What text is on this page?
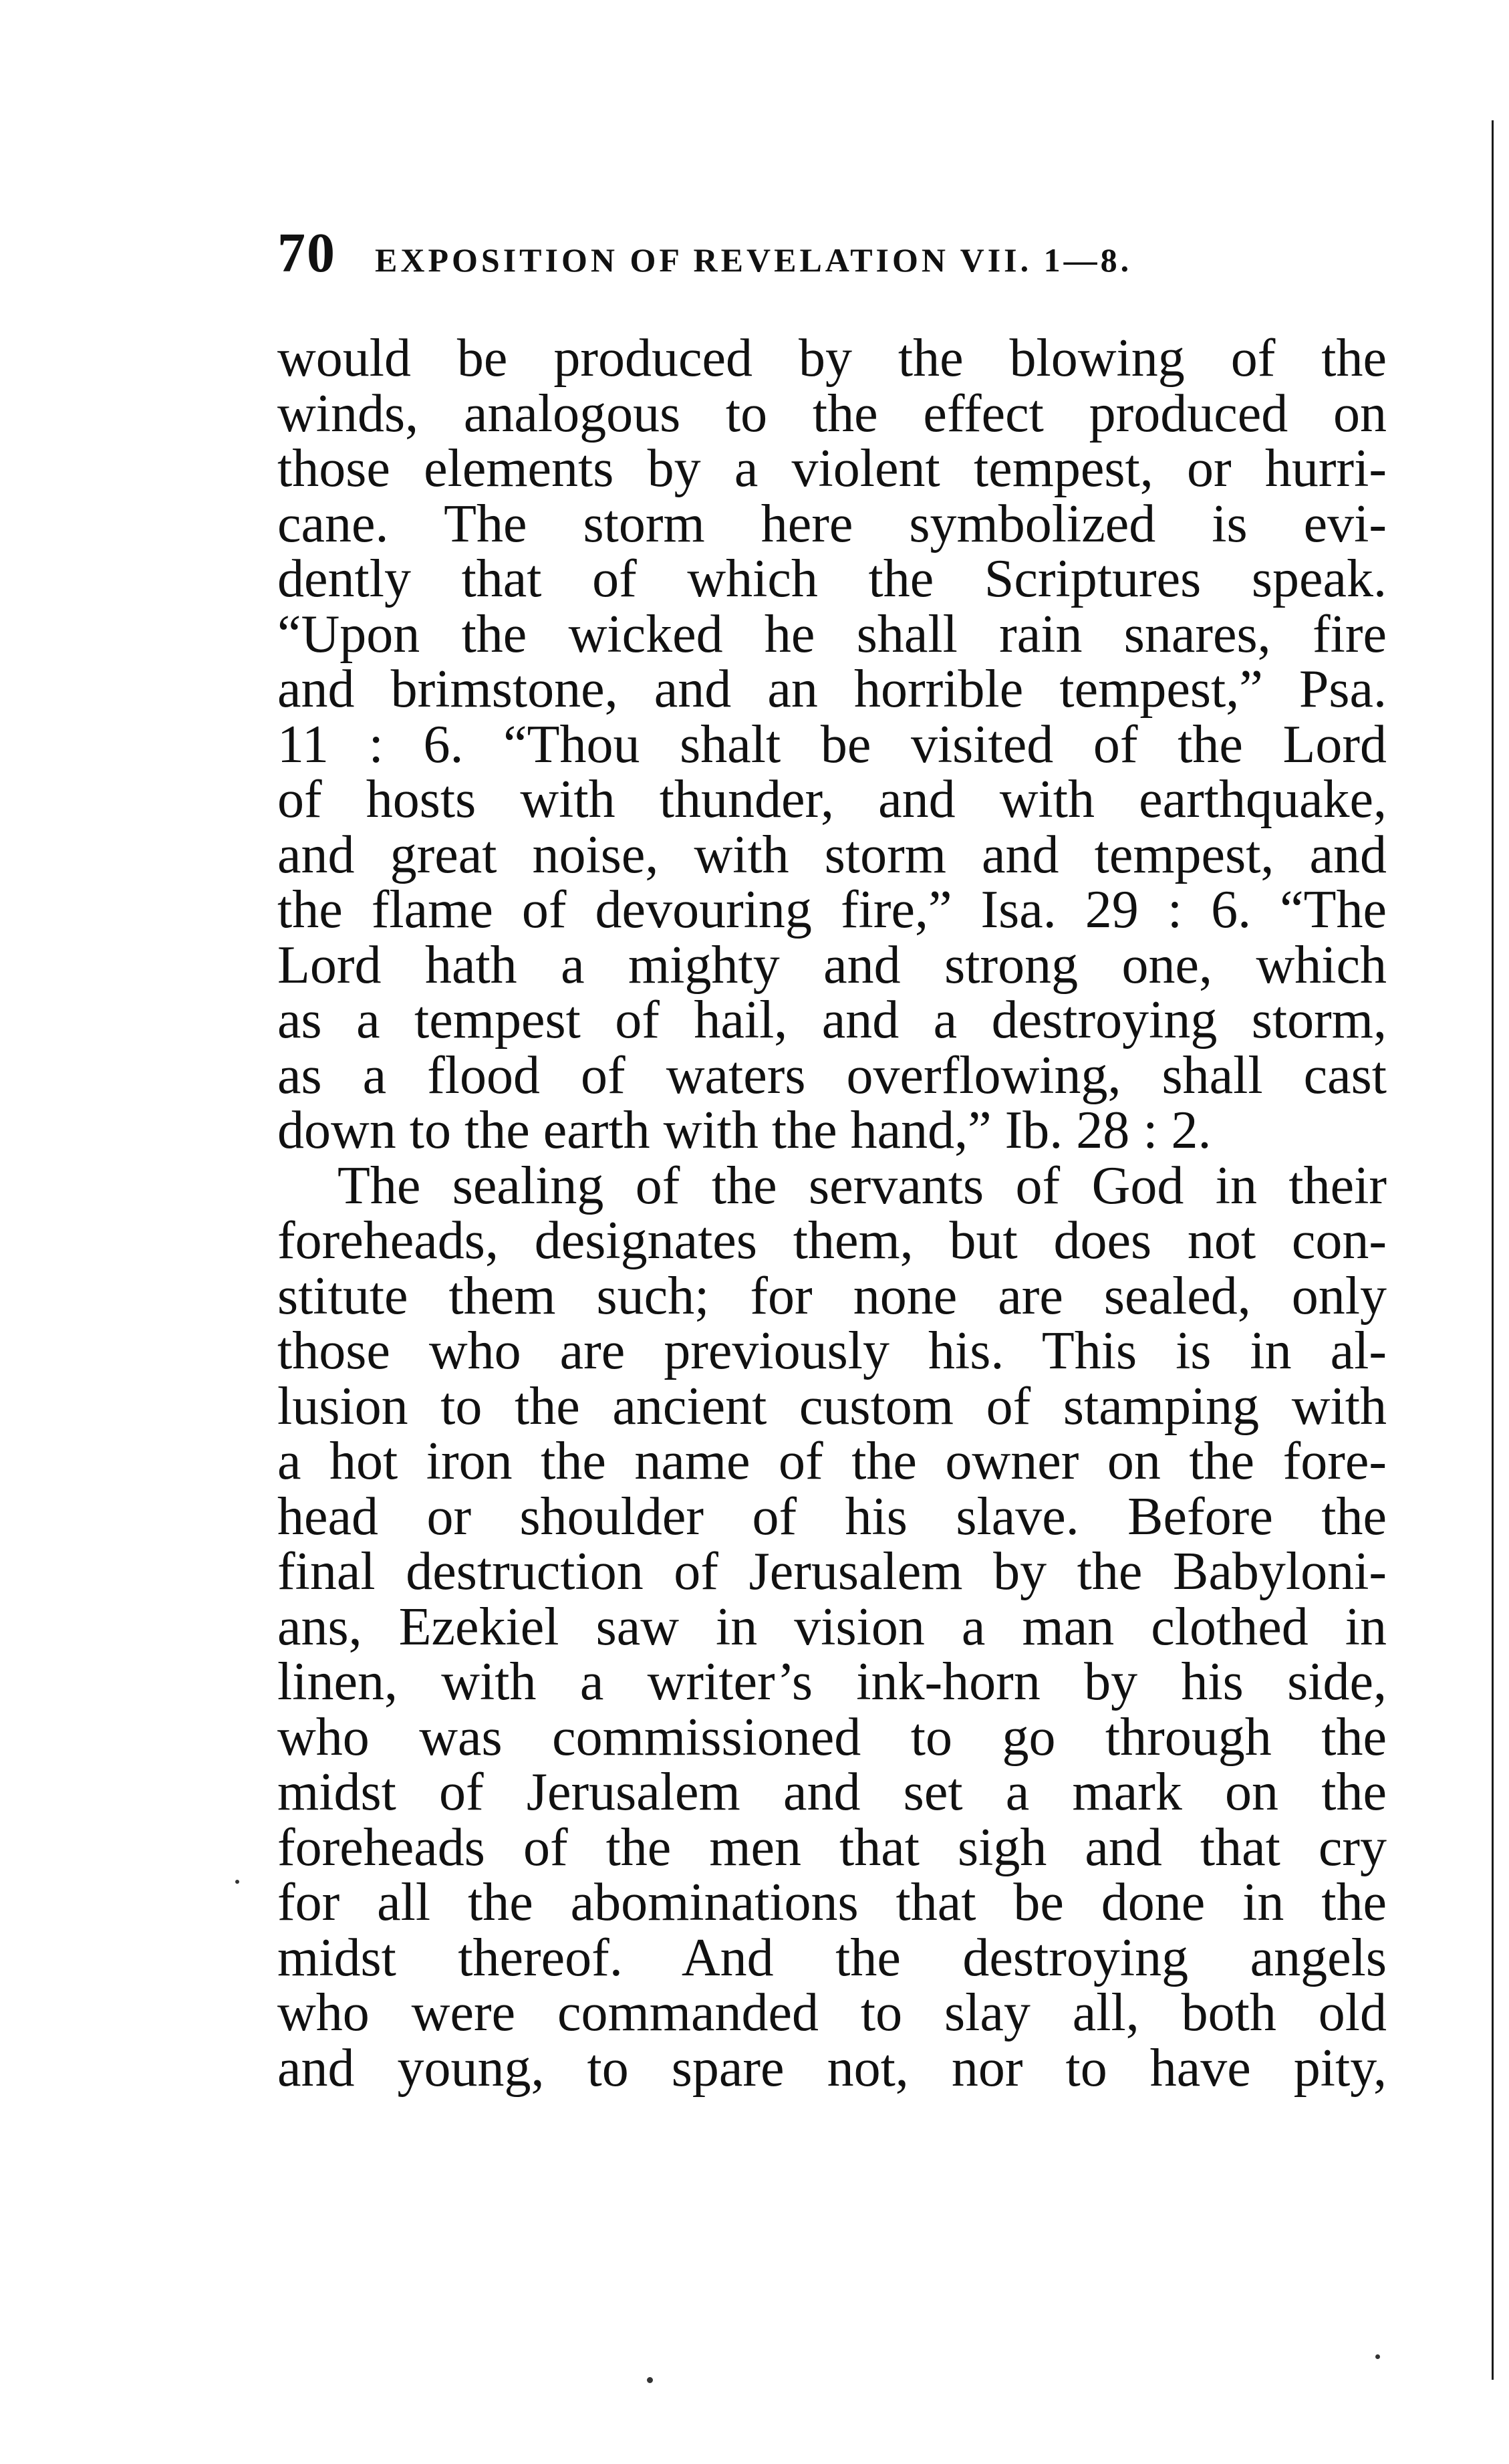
70 EXPOSITION OF REVELATION VII. 1—8.
would be produced by the blowing of the
winds, analogous to the effect produced on
those elements by a violent tempest, or hurri-
cane. The storm here symbolized is evi-
dently that of which the Scriptures speak.
“Upon the wicked he shall rain snares, fire
and brimstone, and an horrible tempest,” Psa.
11 : 6. “Thou shalt be visited of the Lord
of hosts with thunder, and with earthquake,
and great noise, with storm and tempest, and
the flame of devouring fire,” Isa. 29 : 6. “The
Lord hath a mighty and strong one, which
as a tempest of hail, and a destroying storm,
as a flood of waters overflowing, shall cast
down to the earth with the hand,” Ib. 28 : 2.
The sealing of the servants of God in their
foreheads, designates them, but does not con-
stitute them such; for none are sealed, only
those who are previously his. This is in al-
lusion to the ancient custom of stamping with
a hot iron the name of the owner on the fore-
head or shoulder of his slave. Before the
final destruction of Jerusalem by the Babyloni-
ans, Ezekiel saw in vision a man clothed in
linen, with a writer’s ink-horn by his side,
who was commissioned to go through the
midst of Jerusalem and set a mark on the
foreheads of the men that sigh and that cry
for all the abominations that be done in the
midst thereof. And the destroying angels
who were commanded to slay all, both old
and young, to spare not, nor to have pity,
